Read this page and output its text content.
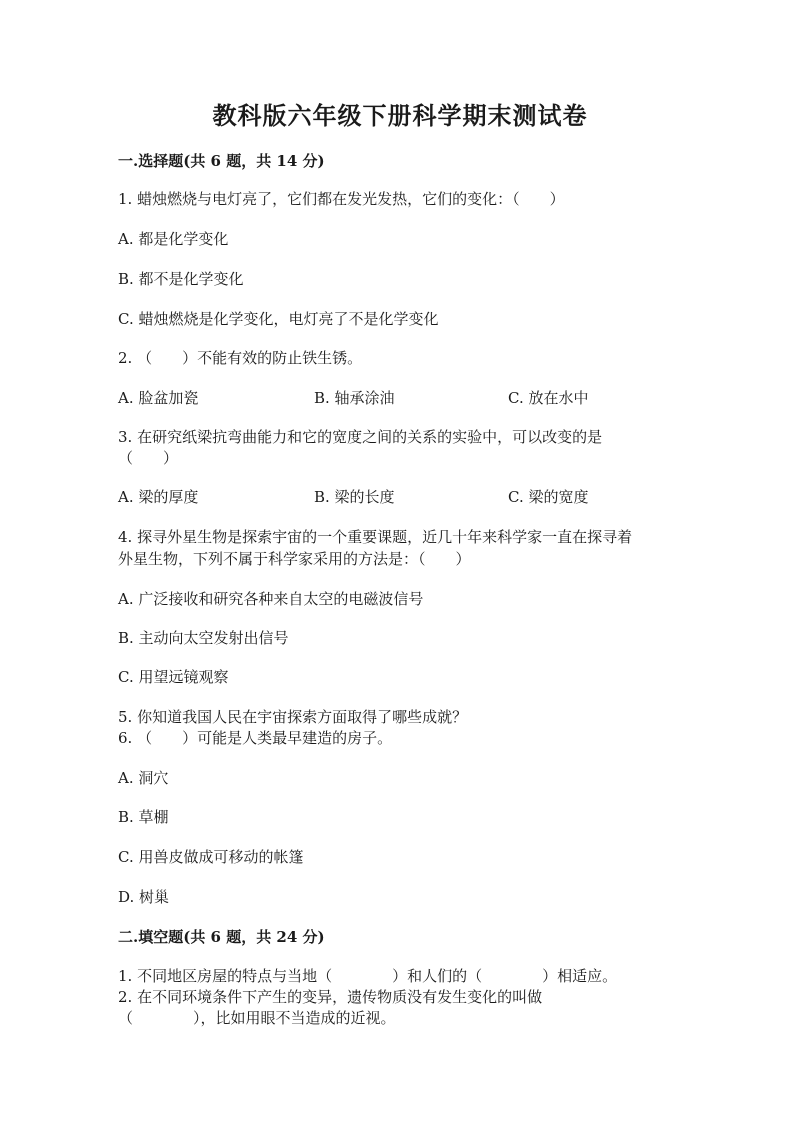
教科版六年级下册科学期末测试卷
一.选择题(共 6 题，共 14 分)
1. 蜡烛燃烧与电灯亮了，它们都在发光发热，它们的变化：（　　）
A. 都是化学变化
B. 都不是化学变化
C. 蜡烛燃烧是化学变化，电灯亮了不是化学变化
2. （　　）不能有效的防止铁生锈。
A. 脸盆加瓷	B. 轴承涂油	C. 放在水中
3. 在研究纸梁抗弯曲能力和它的宽度之间的关系的实验中，可以改变的是
（　　）
A. 梁的厚度	B. 梁的长度	C. 梁的宽度
4. 探寻外星生物是探索宇宙的一个重要课题，近几十年来科学家一直在探寻着
外星生物，下列不属于科学家采用的方法是：（　　）
A. 广泛接收和研究各种来自太空的电磁波信号
B. 主动向太空发射出信号
C. 用望远镜观察
5. 你知道我国人民在宇宙探索方面取得了哪些成就？
6. （　　）可能是人类最早建造的房子。
A. 洞穴
B. 草棚
C. 用兽皮做成可移动的帐篷
D. 树巢
二.填空题(共 6 题，共 24 分)
1. 不同地区房屋的特点与当地（　　　　）和人们的（　　　　）相适应。
2. 在不同环境条件下产生的变异，遗传物质没有发生变化的叫做
（　　　　），比如用眼不当造成的近视。
